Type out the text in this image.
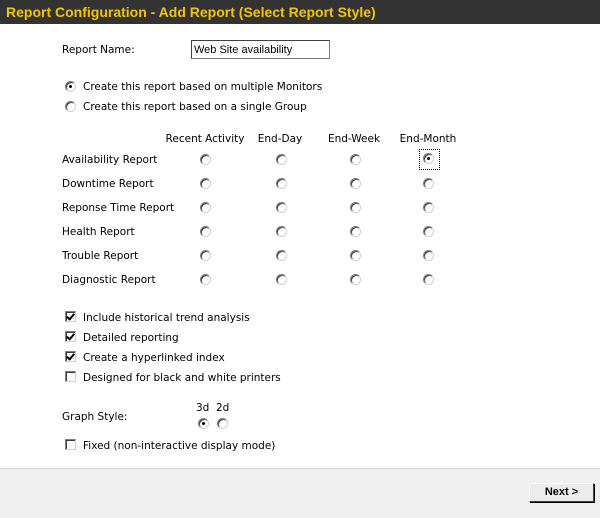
Report Configuration - Add Report (Select Report Style)
Report Name:
Web Site availability
Create this report based on multiple Monitors
Create this report based on a single Group
Recent Activity End-Day End-Week End-Month
Availability Report
Downtime Report
Reponse Time Report
Health Report
Trouble Report
Diagnostic Report
Include historical trend analysis
Detailed reporting
Create a hyperlinked index
Designed for black and white printers
Graph Style:
3d 2d
Fixed (non-interactive display mode)
Next >
